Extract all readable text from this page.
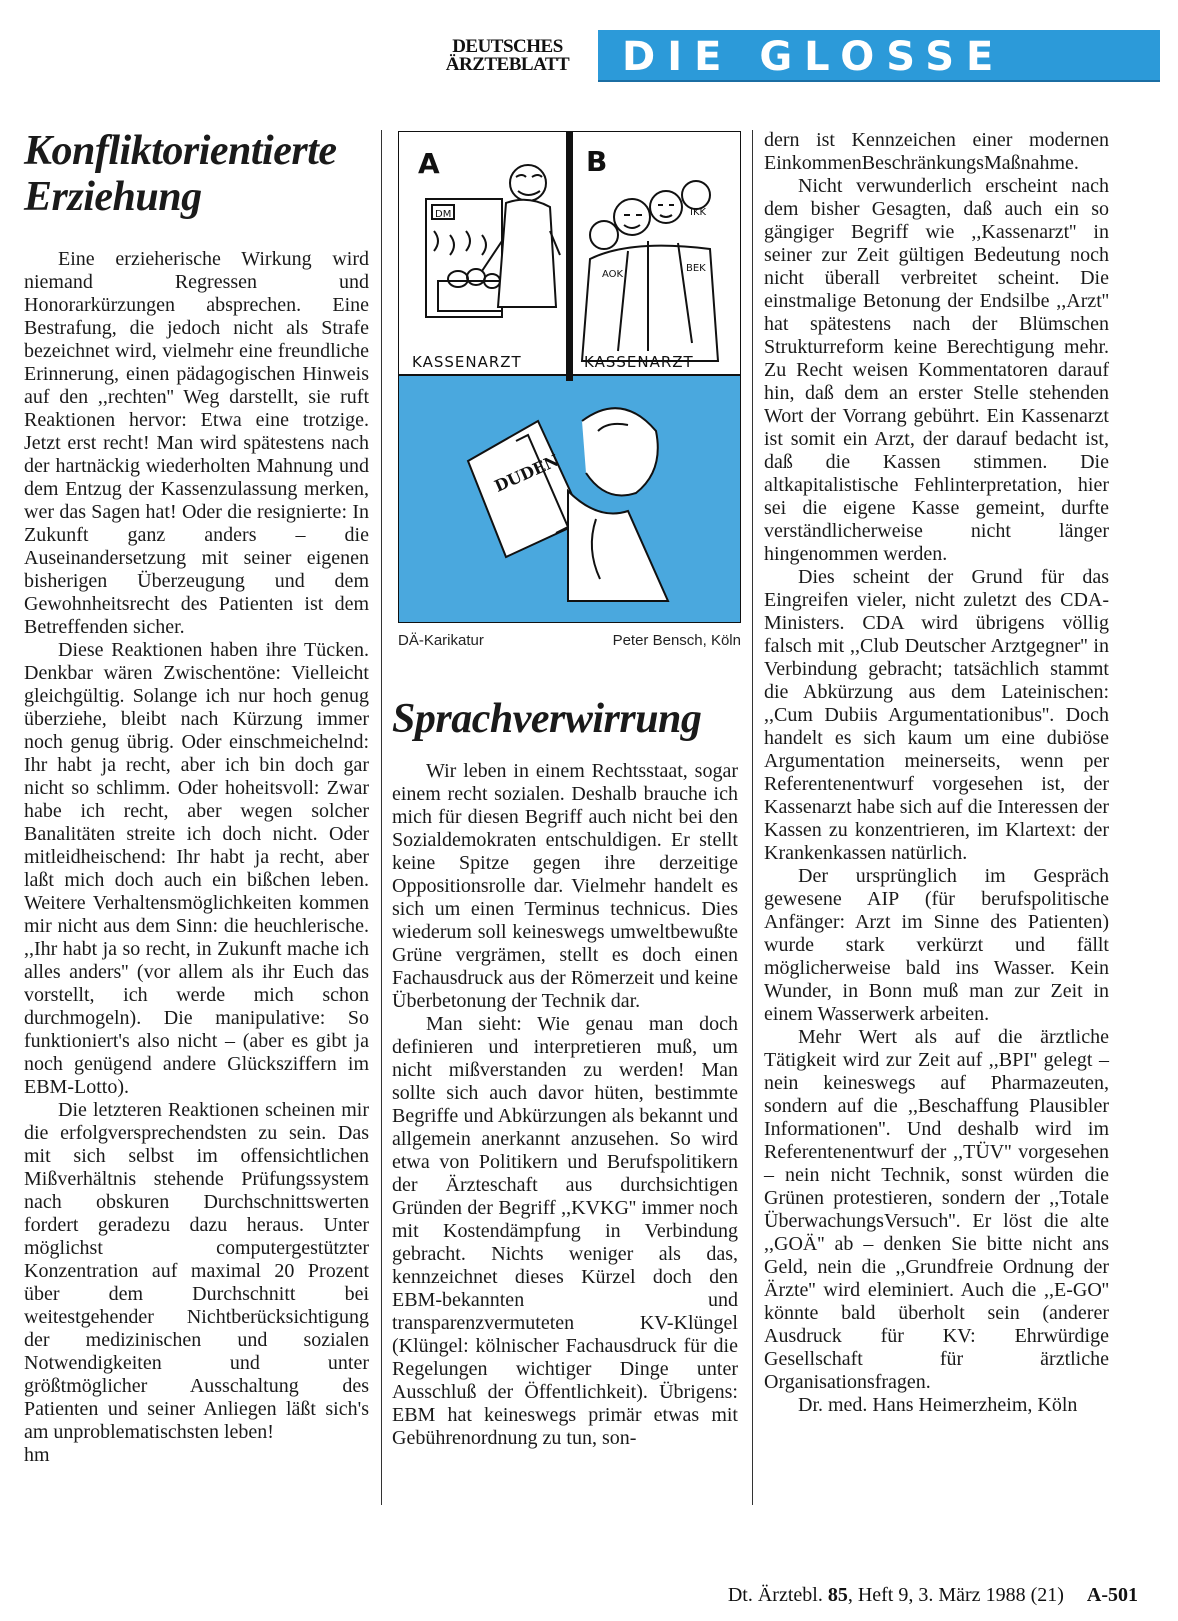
DEUTSCHES ÄRZTEBLATT	DIE GLOSSE
Konfliktorientierte Erziehung

Eine erzieherische Wirkung wird niemand Regressen und Honorarkürzungen absprechen. Eine Bestrafung, die jedoch nicht als Strafe bezeichnet wird, vielmehr eine freundliche Erinnerung, einen pädagogischen Hinweis auf den ,,rechten'' Weg darstellt, sie ruft Reaktionen hervor: Etwa eine trotzige. Jetzt erst recht! Man wird spätestens nach der hartnäckig wiederholten Mahnung und dem Entzug der Kassenzulassung merken, wer das Sagen hat! Oder die resignierte: In Zukunft ganz anders – die Auseinandersetzung mit seiner eigenen bisherigen Überzeugung und dem Gewohnheitsrecht des Patienten ist dem Betreffenden sicher.

Diese Reaktionen haben ihre Tücken. Denkbar wären Zwischentöne: Vielleicht gleichgültig. Solange ich nur hoch genug überziehe, bleibt nach Kürzung immer noch genug übrig. Oder einschmeichelnd: Ihr habt ja recht, aber ich bin doch gar nicht so schlimm. Oder hoheitsvoll: Zwar habe ich recht, aber wegen solcher Banalitäten streite ich doch nicht. Oder mitleidheischend: Ihr habt ja recht, aber laßt mich doch auch ein bißchen leben. Weitere Verhaltensmöglichkeiten kommen mir nicht aus dem Sinn: die heuchlerische. ,,Ihr habt ja so recht, in Zukunft mache ich alles anders'' (vor allem als ihr Euch das vorstellt, ich werde mich schon durchmogeln). Die manipulative: So funktioniert's also nicht – (aber es gibt ja noch genügend andere Glücksziffern im EBM-Lotto).

Die letzteren Reaktionen scheinen mir die erfolgversprechendsten zu sein. Das mit sich selbst im offensichtlichen Mißverhältnis stehende Prüfungssystem nach obskuren Durchschnittswerten fordert geradezu dazu heraus. Unter möglichst computergestützter Konzentration auf maximal 20 Prozent über dem Durchschnitt bei weitestgehender Nichtberücksichtigung der medizinischen und sozialen Notwendigkeiten und unter größtmöglicher Ausschaltung des Patienten und seiner Anliegen läßt sich's am unproblematischsten leben!

hm
A	B
DM
AOK
IKK
BEK
KASSENARZT	KASSENARZT
DUDEN
DÄ-Karikatur	Peter Bensch, Köln
Sprachverwirrung

Wir leben in einem Rechtsstaat, sogar einem recht sozialen. Deshalb brauche ich mich für diesen Begriff auch nicht bei den Sozialdemokraten entschuldigen. Er stellt keine Spitze gegen ihre derzeitige Oppositionsrolle dar. Vielmehr handelt es sich um einen Terminus technicus. Dies wiederum soll keineswegs umweltbewußte Grüne vergrämen, stellt es doch einen Fachausdruck aus der Römerzeit und keine Überbetonung der Technik dar.

Man sieht: Wie genau man doch definieren und interpretieren muß, um nicht mißverstanden zu werden! Man sollte sich auch davor hüten, bestimmte Begriffe und Abkürzungen als bekannt und allgemein anerkannt anzusehen. So wird etwa von Politikern und Berufspolitikern der Ärzteschaft aus durchsichtigen Gründen der Begriff ,,KVKG'' immer noch mit Kostendämpfung in Verbindung gebracht. Nichts weniger als das, kennzeichnet dieses Kürzel doch den EBM-bekannten und transparenzvermuteten KV-Klüngel (Klüngel: kölnischer Fachausdruck für die Regelungen wichtiger Dinge unter Ausschluß der Öffentlichkeit). Übrigens: EBM hat keineswegs primär etwas mit Gebührenordnung zu tun, son-

dern ist Kennzeichen einer modernen EinkommenBeschränkungsMaßnahme.

Nicht verwunderlich erscheint nach dem bisher Gesagten, daß auch ein so gängiger Begriff wie ,,Kassenarzt'' in seiner zur Zeit gültigen Bedeutung noch nicht überall verbreitet scheint. Die einstmalige Betonung der Endsilbe ,,Arzt'' hat spätestens nach der Blümschen Strukturreform keine Berechtigung mehr. Zu Recht weisen Kommentatoren darauf hin, daß dem an erster Stelle stehenden Wort der Vorrang gebührt. Ein Kassenarzt ist somit ein Arzt, der darauf bedacht ist, daß die Kassen stimmen. Die altkapitalistische Fehlinterpretation, hier sei die eigene Kasse gemeint, durfte verständlicherweise nicht länger hingenommen werden.

Dies scheint der Grund für das Eingreifen vieler, nicht zuletzt des CDA-Ministers. CDA wird übrigens völlig falsch mit ,,Club Deutscher Arztgegner'' in Verbindung gebracht; tatsächlich stammt die Abkürzung aus dem Lateinischen: ,,Cum Dubiis Argumentationibus''. Doch handelt es sich kaum um eine dubiöse Argumentation meinerseits, wenn per Referentenentwurf vorgesehen ist, der Kassenarzt habe sich auf die Interessen der Kassen zu konzentrieren, im Klartext: der Krankenkassen natürlich.

Der ursprünglich im Gespräch gewesene AIP (für berufspolitische Anfänger: Arzt im Sinne des Patienten) wurde stark verkürzt und fällt möglicherweise bald ins Wasser. Kein Wunder, in Bonn muß man zur Zeit in einem Wasserwerk arbeiten.

Mehr Wert als auf die ärztliche Tätigkeit wird zur Zeit auf ,,BPI'' gelegt – nein keineswegs auf Pharmazeuten, sondern auf die ,,Beschaffung Plausibler Informationen''. Und deshalb wird im Referentenentwurf der ,,TÜV'' vorgesehen – nein nicht Technik, sonst würden die Grünen protestieren, sondern der ,,Totale ÜberwachungsVersuch''. Er löst die alte ,,GOÄ'' ab – denken Sie bitte nicht ans Geld, nein die ,,Grundfreie Ordnung der Ärzte'' wird eleminiert. Auch die ,,E-GO'' könnte bald überholt sein (anderer Ausdruck für KV: Ehrwürdige Gesellschaft für ärztliche Organisationsfragen.

Dr. med. Hans Heimerzheim, Köln

Dt. Ärztebl. 85, Heft 9, 3. März 1988 (21) A-501
